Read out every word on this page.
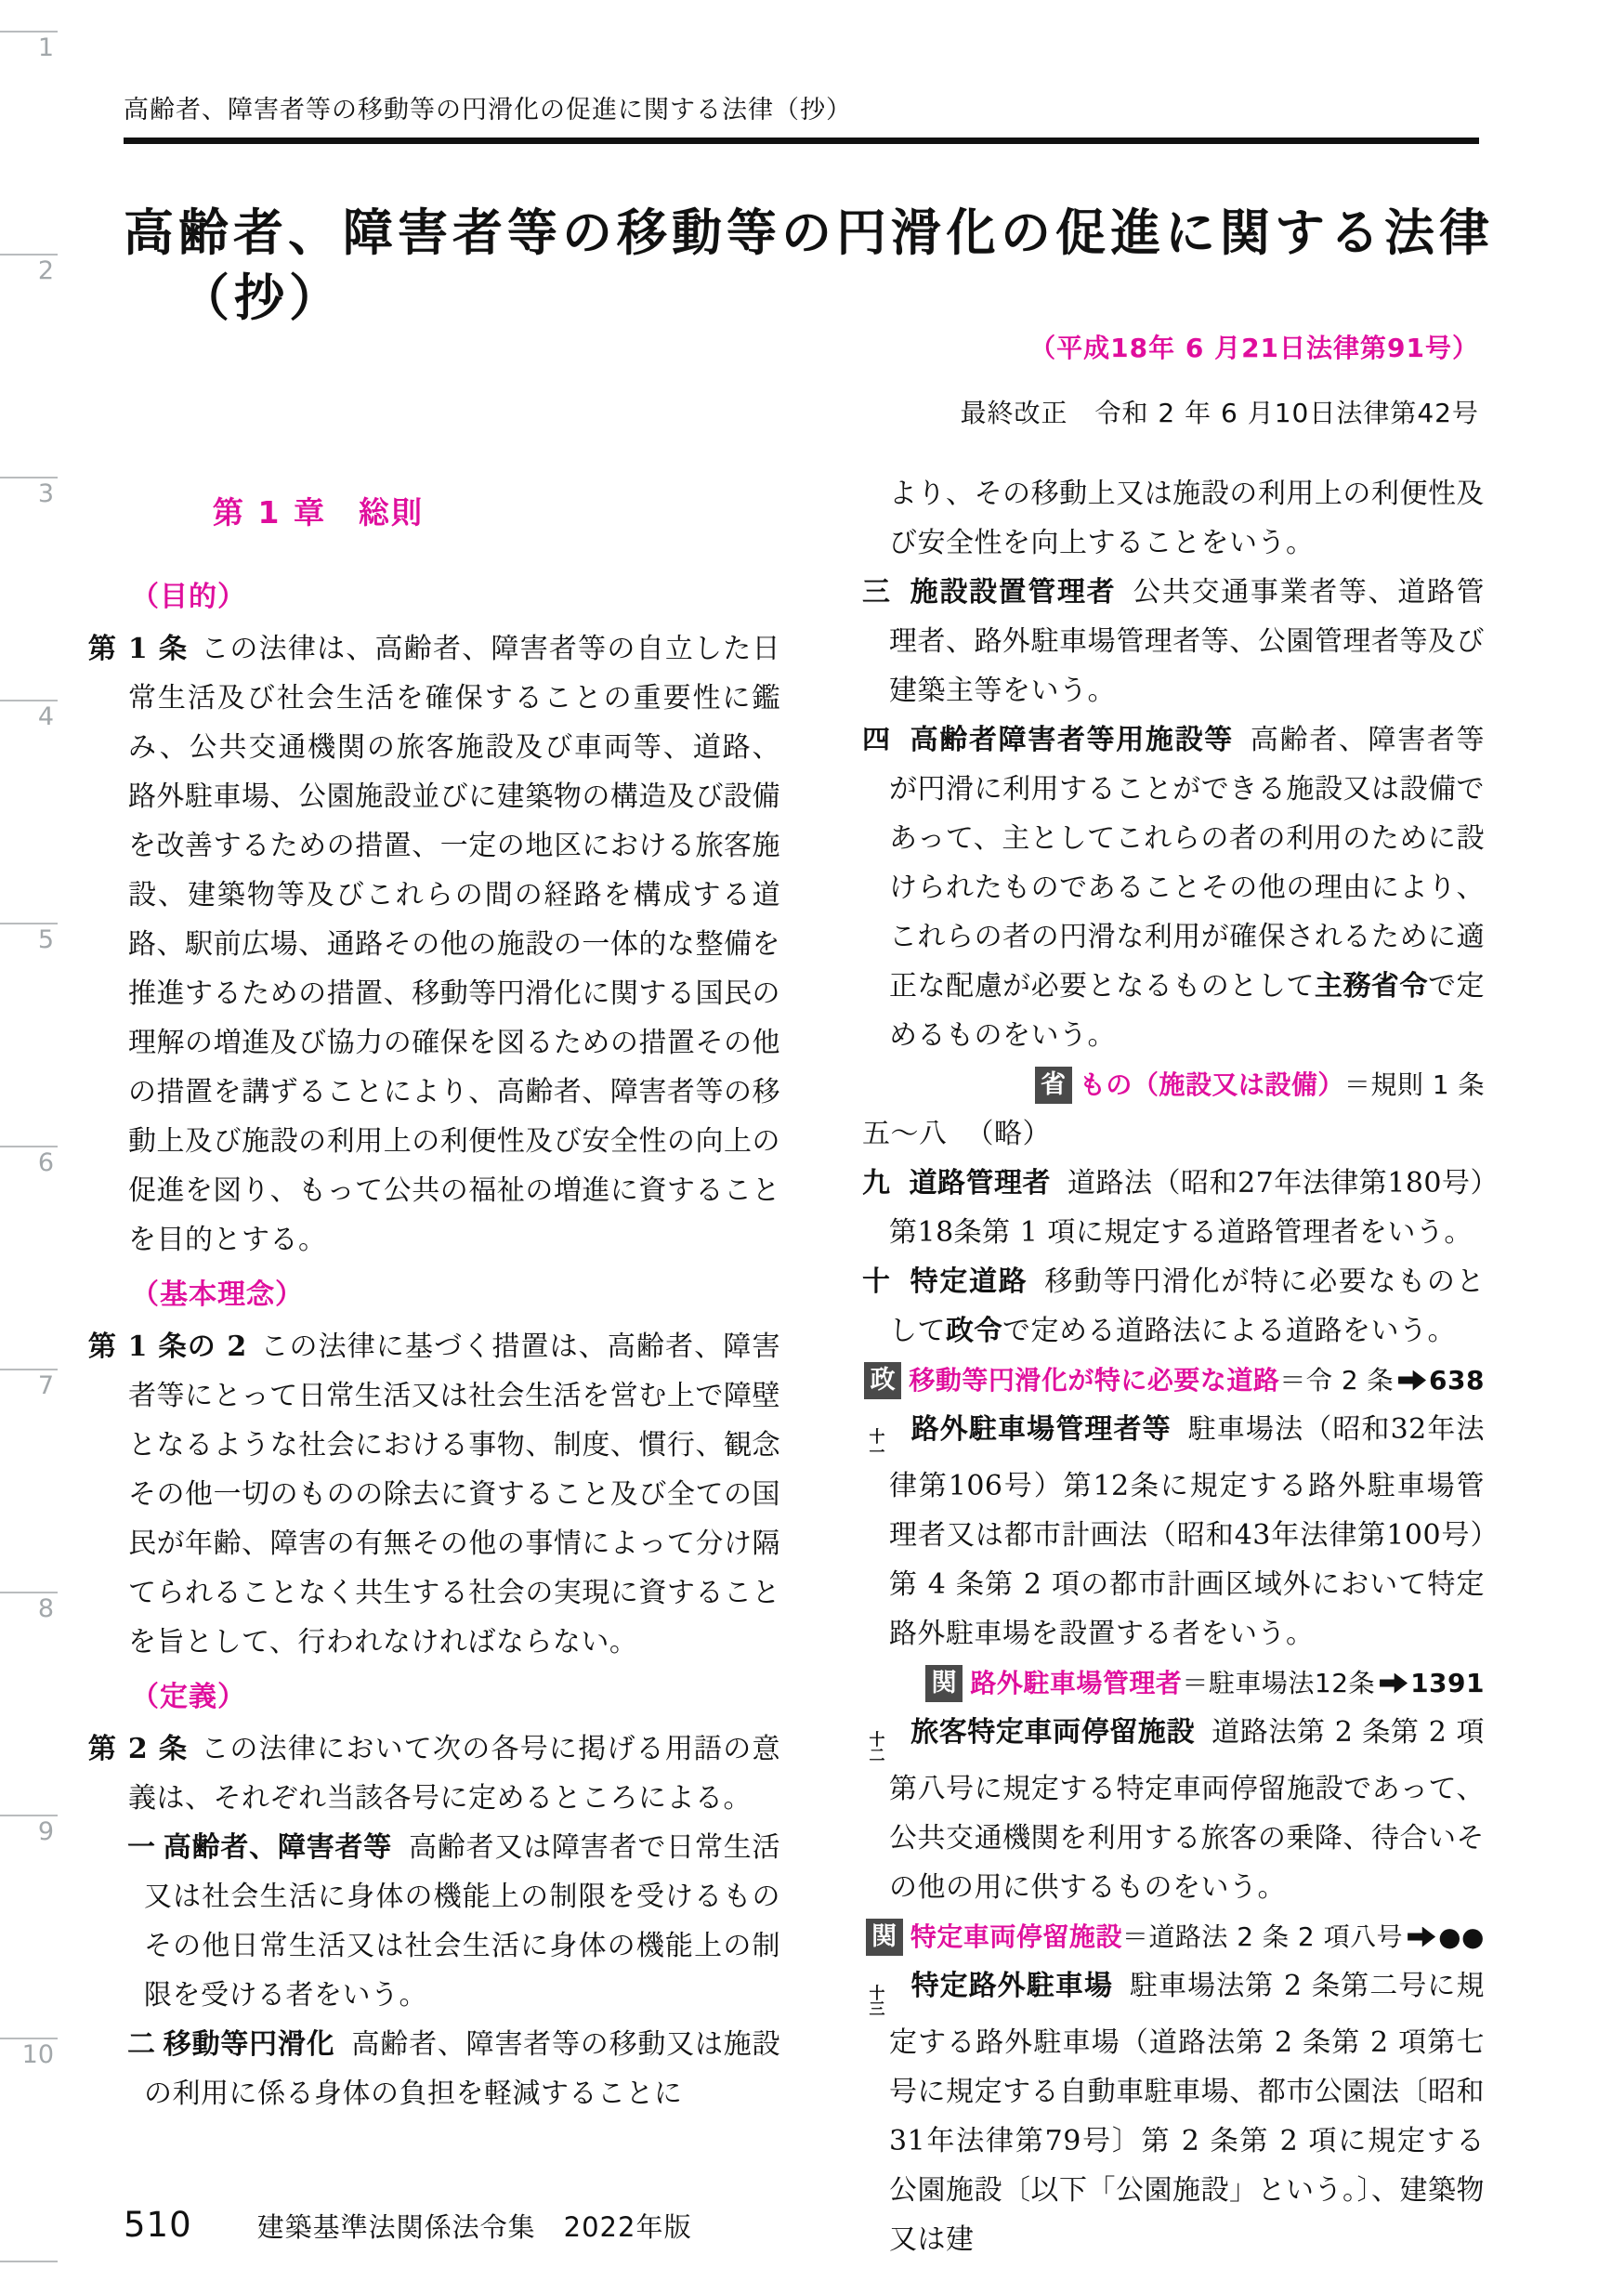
1
2
3
4
5
6
7
8
9
10
高齢者、障害者等の移動等の円滑化の促進に関する法律（抄）
高齢者、障害者等の移動等の円滑化の促進に関する法律
（抄）
（平成18年 6 月21日法律第91号）
最終改正　令和 2 年 6 月10日法律第42号
第 1 章　総則
（目的）

第 1 条 この法律は、高齢者、障害者等の自立した日常生活及び社会生活を確保することの重要性に鑑み、公共交通機関の旅客施設及び車両等、道路、路外駐車場、公園施設並びに建築物の構造及び設備を改善するための措置、一定の地区における旅客施設、建築物等及びこれらの間の経路を構成する道路、駅前広場、通路その他の施設の一体的な整備を推進するための措置、移動等円滑化に関する国民の理解の増進及び協力の確保を図るための措置その他の措置を講ずることにより、高齢者、障害者等の移動上及び施設の利用上の利便性及び安全性の向上の促進を図り、もって公共の福祉の増進に資することを目的とする。

（基本理念）

第 1 条の 2 この法律に基づく措置は、高齢者、障害者等にとって日常生活又は社会生活を営む上で障壁となるような社会における事物、制度、慣行、観念その他一切のものの除去に資すること及び全ての国民が年齢、障害の有無その他の事情によって分け隔てられることなく共生する社会の実現に資することを旨として、行われなければならない。

（定義）

第 2 条 この法律において次の各号に掲げる用語の意義は、それぞれ当該各号に定めるところによる。

一 高齢者、障害者等 高齢者又は障害者で日常生活又は社会生活に身体の機能上の制限を受けるものその他日常生活又は社会生活に身体の機能上の制限を受ける者をいう。

二 移動等円滑化 高齢者、障害者等の移動又は施設の利用に係る身体の負担を軽減することに

より、その移動上又は施設の利用上の利便性及び安全性を向上することをいう。

三 施設設置管理者 公共交通事業者等、道路管理者、路外駐車場管理者等、公園管理者等及び建築主等をいう。

四 高齢者障害者等用施設等 高齢者、障害者等が円滑に利用することができる施設又は設備であって、主としてこれらの者の利用のために設けられたものであることその他の理由により、これらの者の円滑な利用が確保されるために適正な配慮が必要となるものとして主務省令で定めるものをいう。

省 もの（施設又は設備） ＝規則 1 条

五〜八 （略）

九 道路管理者 道路法（昭和27年法律第180号）第18条第 1 項に規定する道路管理者をいう。

十 特定道路 移動等円滑化が特に必要なものとして政令で定める道路法による道路をいう。

政 移動等円滑化が特に必要な道路 ＝令 2 条 638

十
一
路外駐車場管理者等 駐車場法（昭和32年法律第106号）第12条に規定する路外駐車場管理者又は都市計画法（昭和43年法律第100号）第 4 条第 2 項の都市計画区域外において特定路外駐車場を設置する者をいう。

関 路外駐車場管理者 ＝駐車場法12条 1391

十
二
旅客特定車両停留施設 道路法第 2 条第 2 項第八号に規定する特定車両停留施設であって、公共交通機関を利用する旅客の乗降、待合いその他の用に供するものをいう。

関 特定車両停留施設 ＝道路法 2 条 2 項八号 ●●

十
三
特定路外駐車場 駐車場法第 2 条第二号に規定する路外駐車場（道路法第 2 条第 2 項第七号に規定する自動車駐車場、都市公園法〔昭和31年法律第79号〕第 2 条第 2 項に規定する公園施設〔以下「公園施設」という。〕、建築物又は建

510 建築基準法関係法令集 2022年版
